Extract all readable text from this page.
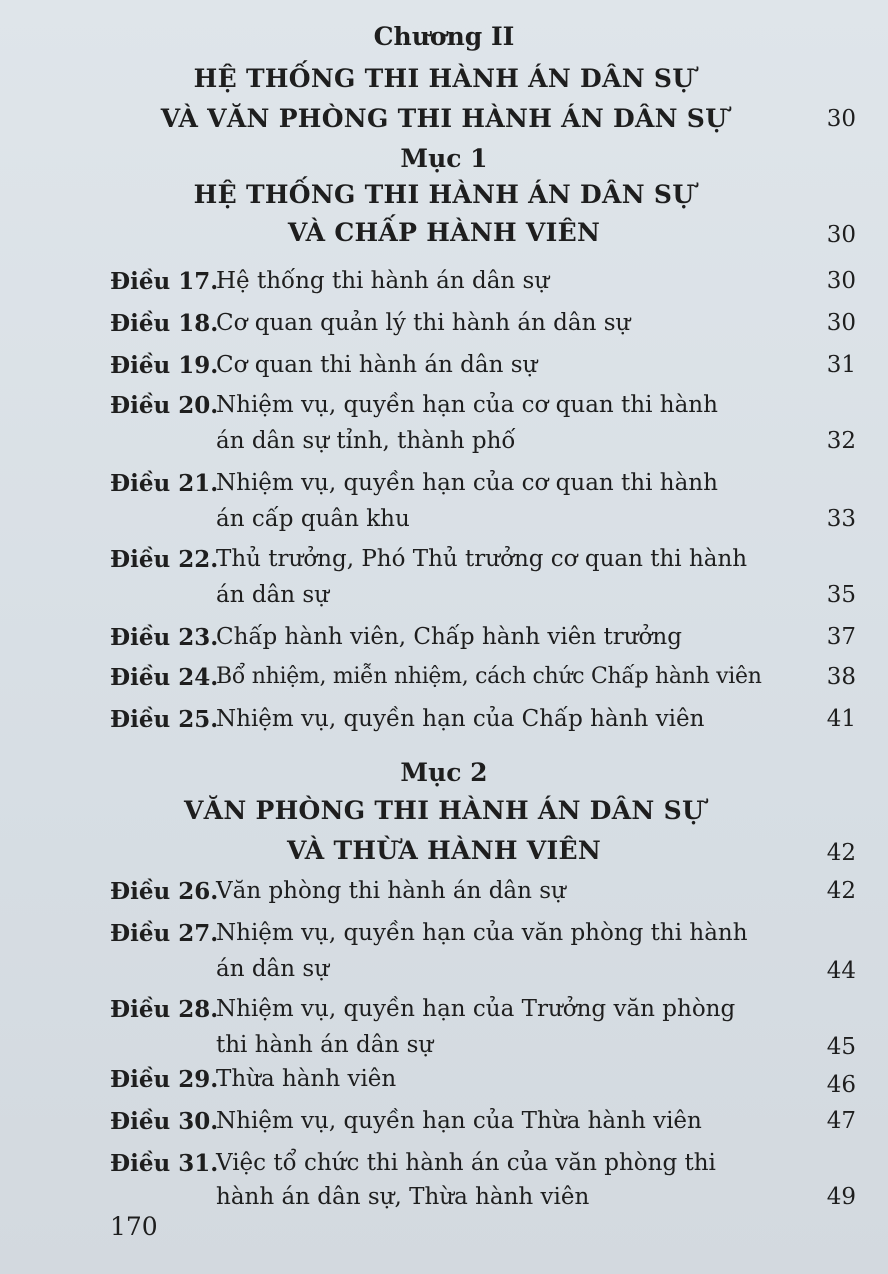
Chương II
HỆ THỐNG THI HÀNH ÁN DÂN SỰ
VÀ VĂN PHÒNG THI HÀNH ÁN DÂN SỰ	30
Mục 1
HỆ THỐNG THI HÀNH ÁN DÂN SỰ
VÀ CHẤP HÀNH VIÊN	30
Điều 17.
Hệ thống thi hành án dân sự	30
Điều 18.
Cơ quan quản lý thi hành án dân sự	30
Điều 19.
Cơ quan thi hành án dân sự	31
Điều 20.
Nhiệm vụ, quyền hạn của cơ quan thi hành
án dân sự tỉnh, thành phố	32
Điều 21.
Nhiệm vụ, quyền hạn của cơ quan thi hành
án cấp quân khu	33
Điều 22.
Thủ trưởng, Phó Thủ trưởng cơ quan thi hành
án dân sự	35
Điều 23.
Chấp hành viên, Chấp hành viên trưởng	37
Điều 24.
Bổ nhiệm, miễn nhiệm, cách chức Chấp hành viên	38
Điều 25.
Nhiệm vụ, quyền hạn của Chấp hành viên	41
Mục 2
VĂN PHÒNG THI HÀNH ÁN DÂN SỰ
VÀ THỪA HÀNH VIÊN	42
Điều 26.
Văn phòng thi hành án dân sự	42
Điều 27.
Nhiệm vụ, quyền hạn của văn phòng thi hành
án dân sự	44
Điều 28.
Nhiệm vụ, quyền hạn của Trưởng văn phòng
thi hành án dân sự	45
Điều 29.
Thừa hành viên	46
Điều 30.
Nhiệm vụ, quyền hạn của Thừa hành viên	47
Điều 31.
Việc tổ chức thi hành án của văn phòng thi
hành án dân sự, Thừa hành viên	49
170
